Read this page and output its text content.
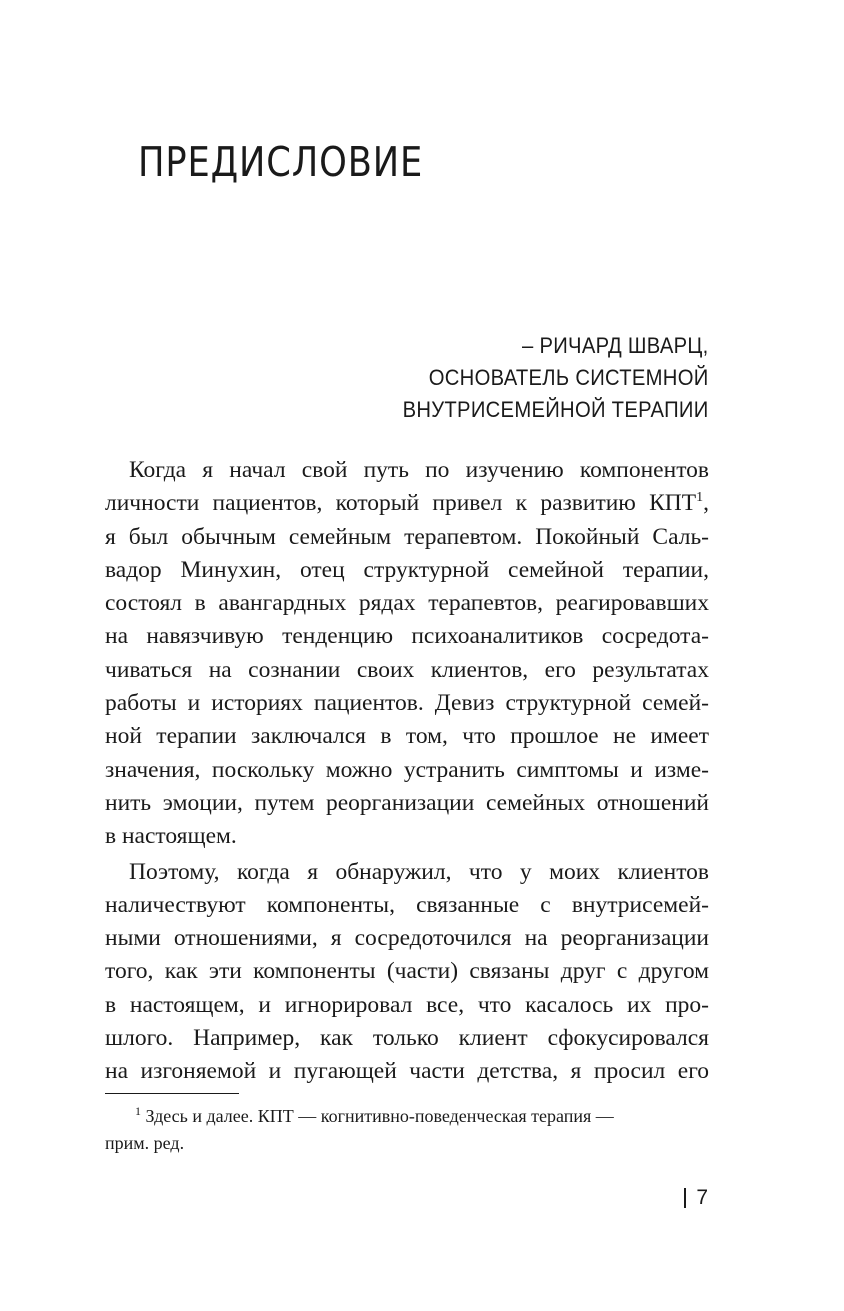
ПРЕДИСЛОВИЕ
– РИЧАРД ШВАРЦ,
ОСНОВАТЕЛЬ СИСТЕМНОЙ
ВНУТРИСЕМЕЙНОЙ ТЕРАПИИ
Когда я начал свой путь по изучению компонентов
личности пациентов, который привел к развитию КПТ$^1$,
я был обычным семейным терапевтом. Покойный Саль-
вадор Минухин, отец структурной семейной терапии,
состоял в авангардных рядах терапевтов, реагировавших
на навязчивую тенденцию психоаналитиков сосредота-
чиваться на сознании своих клиентов, его результатах
работы и историях пациентов. Девиз структурной семей-
ной терапии заключался в том, что прошлое не имеет
значения, поскольку можно устранить симптомы и изме-
нить эмоции, путем реорганизации семейных отношений
в настоящем.
Поэтому, когда я обнаружил, что у моих клиентов
наличествуют компоненты, связанные с внутрисемей-
ными отношениями, я сосредоточился на реорганизации
того, как эти компоненты (части) связаны друг с другом
в настоящем, и игнорировал все, что касалось их про-
шлого. Например, как только клиент сфокусировался
на изгоняемой и пугающей части детства, я просил его
$^1$ Здесь и далее. КПТ — когнитивно-поведенческая терапия —
прим. ред.
7
